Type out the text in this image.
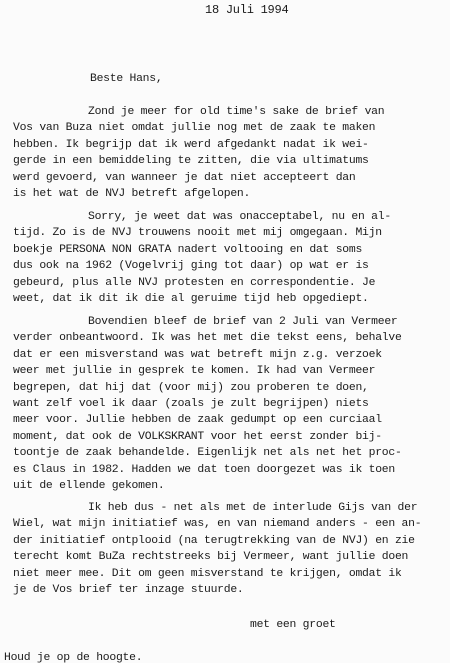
18 Juli 1994
Beste Hans,
Zond je meer for old time's sake de brief van
Vos van Buza niet omdat jullie nog met de zaak te maken
hebben. Ik begrijp dat ik werd afgedankt nadat ik wei-
gerde in een bemiddeling te zitten, die via ultimatums
werd gevoerd, van wanneer je dat niet accepteert dan
is het wat de NVJ betreft afgelopen.
Sorry, je weet dat was onacceptabel, nu en al-
tijd. Zo is de NVJ trouwens nooit met mij omgegaan. Mijn
boekje PERSONA NON GRATA nadert voltooing en dat soms
dus ook na 1962 (Vogelvrij ging tot daar) op wat er is
gebeurd, plus alle NVJ protesten en correspondentie. Je
weet, dat ik dit ik die al geruime tijd heb opgediept.
Bovendien bleef de brief van 2 Juli van Vermeer
verder onbeantwoord. Ik was het met die tekst eens, behalve
dat er een misverstand was wat betreft mijn z.g. verzoek
weer met jullie in gesprek te komen. Ik had van Vermeer
begrepen, dat hij dat (voor mij) zou proberen te doen,
want zelf voel ik daar (zoals je zult begrijpen) niets
meer voor. Jullie hebben de zaak gedumpt op een curciaal
moment, dat ook de VOLKSKRANT voor het eerst zonder bij-
toontje de zaak behandelde. Eigenlijk net als net het proc-
es Claus in 1982. Hadden we dat toen doorgezet was ik toen
uit de ellende gekomen.
Ik heb dus - net als met de interlude Gijs van der
Wiel, wat mijn initiatief was, en van niemand anders - een an-
der initiatief ontplooid (na terugtrekking van de NVJ) en zie
terecht komt BuZa rechtstreeks bij Vermeer, want jullie doen
niet meer mee. Dit om geen misverstand te krijgen, omdat ik
je de Vos brief ter inzage stuurde.
met een groet
Houd je op de hoogte.
